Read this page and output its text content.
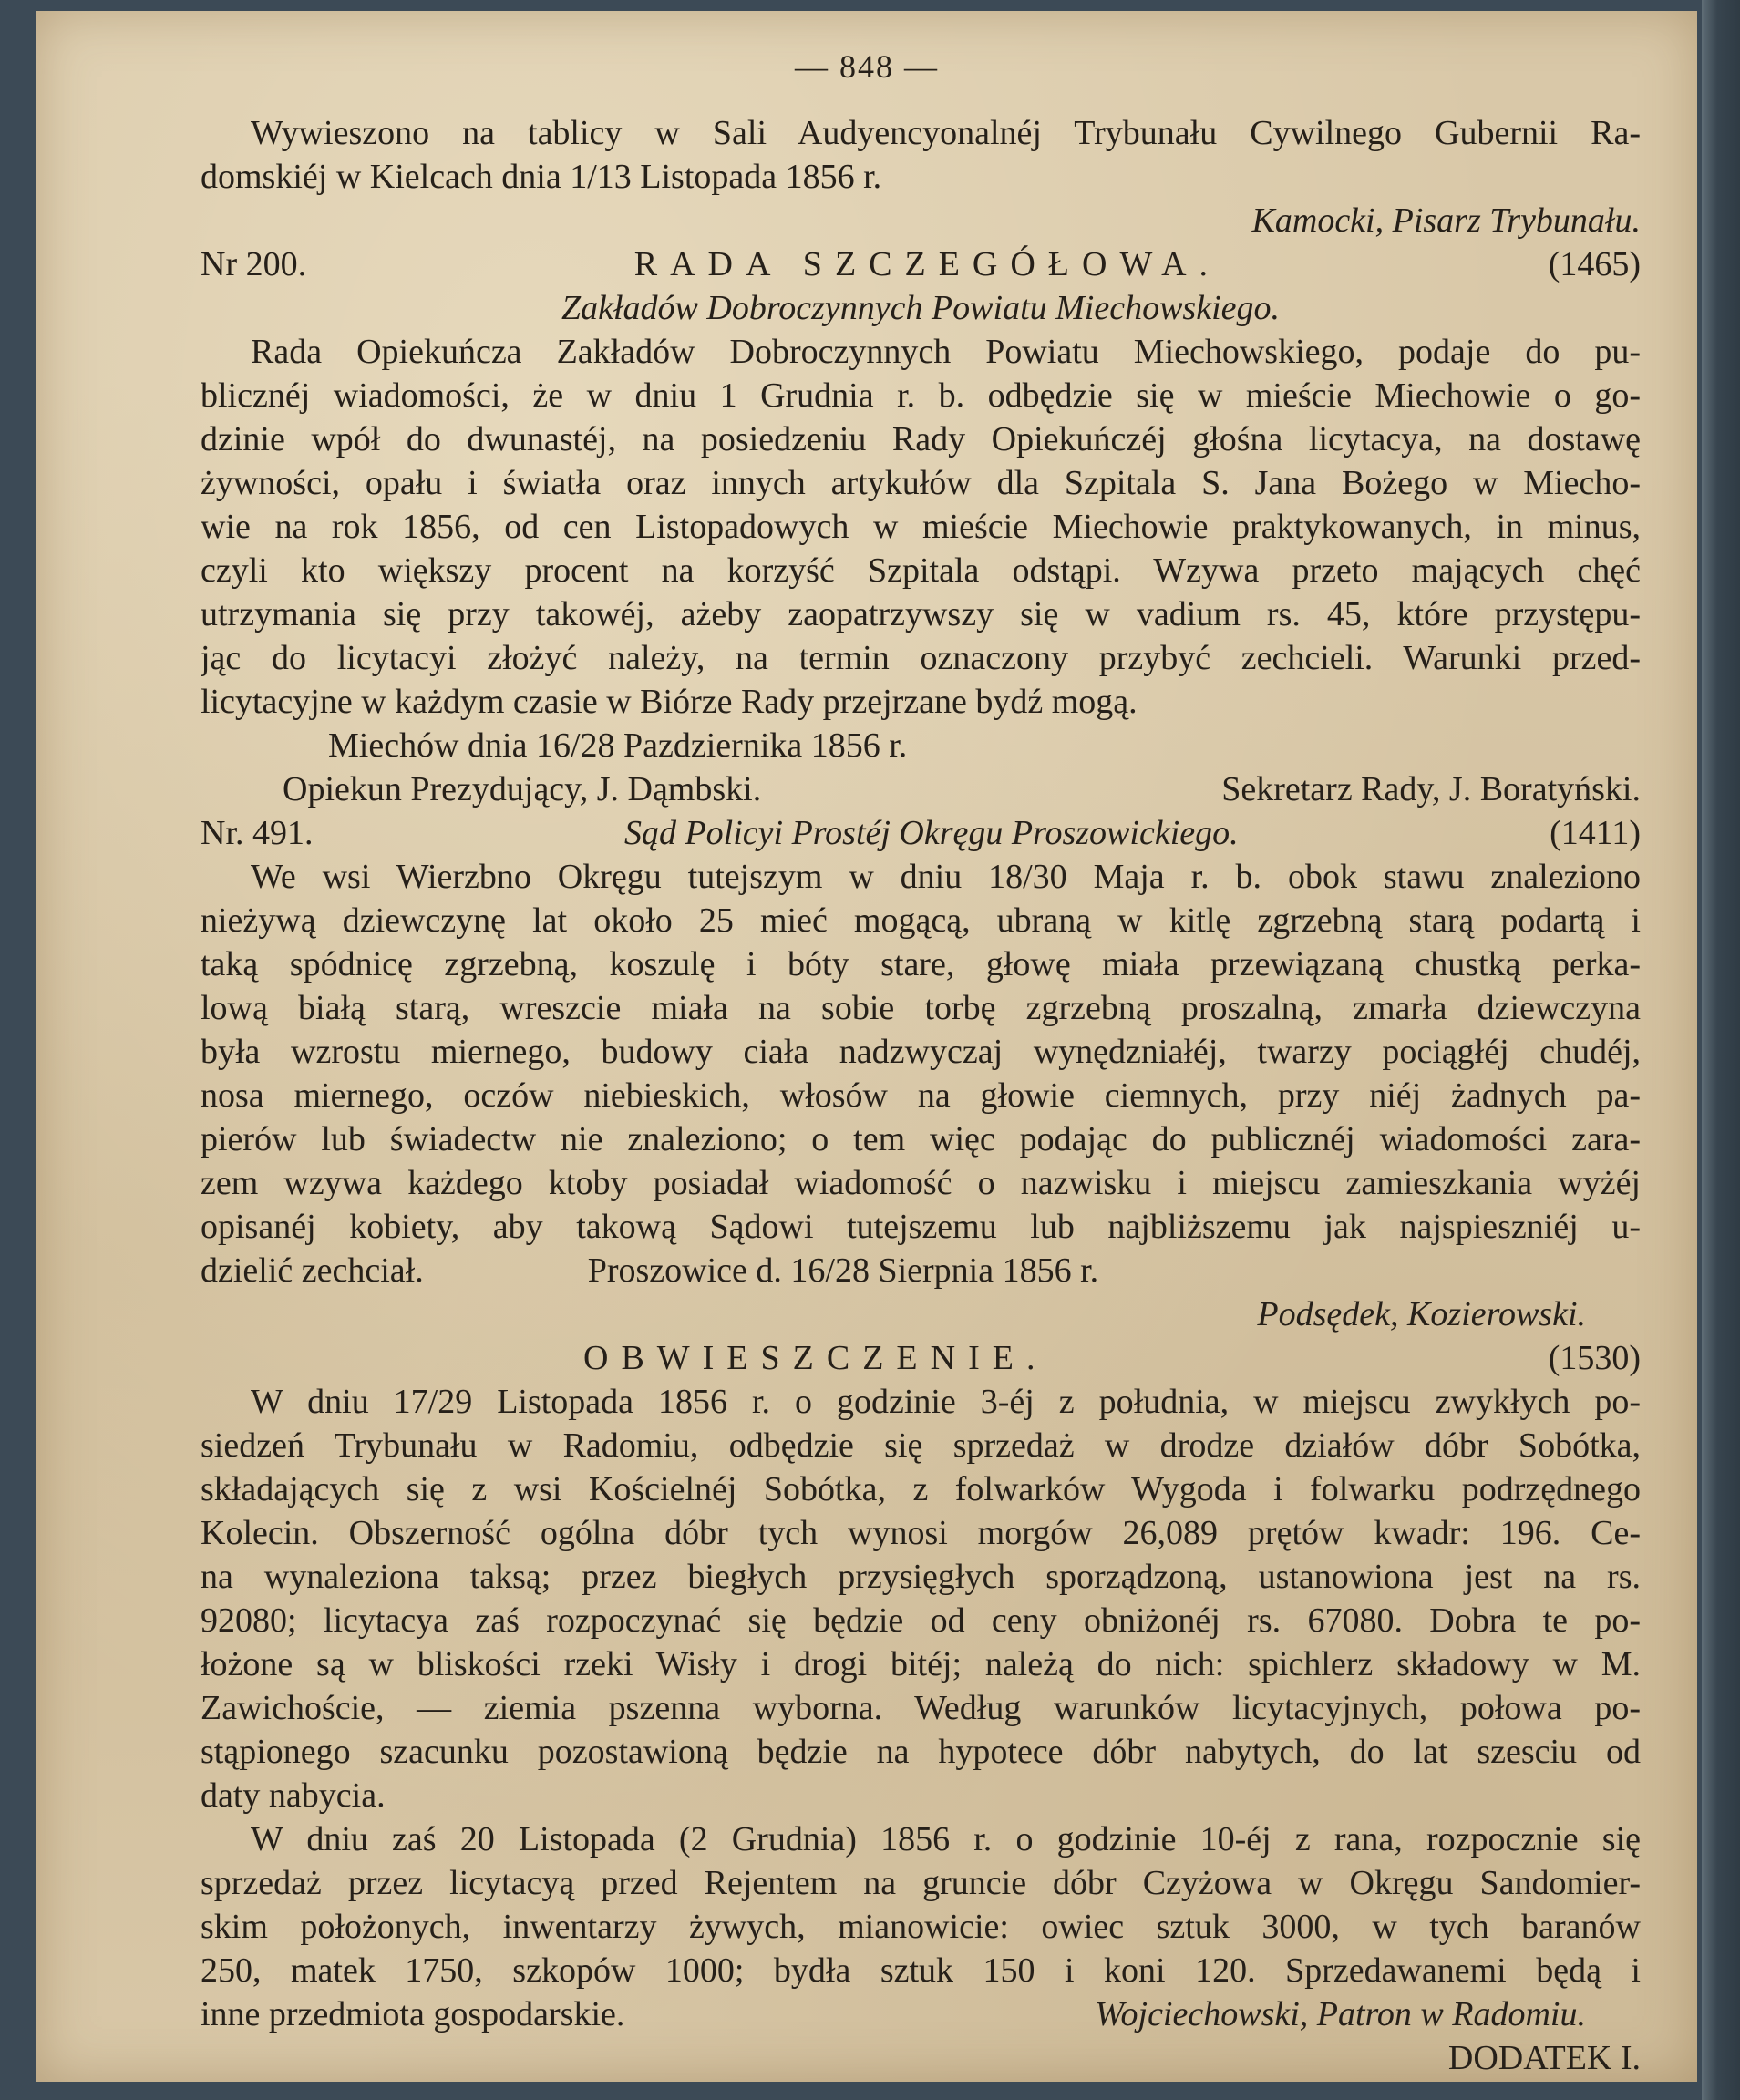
— 848 —
Wywieszono na tablicy w Sali Audyencyonalnéj Trybunału Cywilnego Gubernii Ra-
domskiéj w Kielcach dnia 1/13 Listopada 1856 r.
Kamocki, Pisarz Trybunału.
Nr 200.	RADA SZCZEGÓŁOWA.	(1465)
Zakładów Dobroczynnych Powiatu Miechowskiego.
Rada Opiekuńcza Zakładów Dobroczynnych Powiatu Miechowskiego, podaje do pu-
blicznéj wiadomości, że w dniu 1 Grudnia r. b. odbędzie się w mieście Miechowie o go-
dzinie wpół do dwunastéj, na posiedzeniu Rady Opiekuńczéj głośna licytacya, na dostawę
żywności, opału i światła oraz innych artykułów dla Szpitala S. Jana Bożego w Miecho-
wie na rok 1856, od cen Listopadowych w mieście Miechowie praktykowanych, in minus,
czyli kto większy procent na korzyść Szpitala odstąpi. Wzywa przeto mających chęć
utrzymania się przy takowéj, ażeby zaopatrzywszy się w vadium rs. 45, które przystępu-
jąc do licytacyi złożyć należy, na termin oznaczony przybyć zechcieli. Warunki przed-
licytacyjne w każdym czasie w Biórze Rady przejrzane bydź mogą.
Miechów dnia 16/28 Pazdziernika 1856 r.
Opiekun Prezydujący, J. Dąmbski.	Sekretarz Rady, J. Boratyński.
Nr. 491.	Sąd Policyi Prostéj Okręgu Proszowickiego.	(1411)
We wsi Wierzbno Okręgu tutejszym w dniu 18/30 Maja r. b. obok stawu znaleziono
nieżywą dziewczynę lat około 25 mieć mogącą, ubraną w kitlę zgrzebną starą podartą i
taką spódnicę zgrzebną, koszulę i bóty stare, głowę miała przewiązaną chustką perka-
lową białą starą, wreszcie miała na sobie torbę zgrzebną proszalną, zmarła dziewczyna
była wzrostu miernego, budowy ciała nadzwyczaj wynędzniałéj, twarzy pociągłéj chudéj,
nosa miernego, oczów niebieskich, włosów na głowie ciemnych, przy niéj żadnych pa-
pierów lub świadectw nie znaleziono; o tem więc podając do publicznéj wiadomości zara-
zem wzywa każdego ktoby posiadał wiadomość o nazwisku i miejscu zamieszkania wyżéj
opisanéj kobiety, aby takową Sądowi tutejszemu lub najbliższemu jak najspieszniéj u-
dzielić zechciał.	Proszowice d. 16/28 Sierpnia 1856 r.
Podsędek, Kozierowski.
OBWIESZCZENIE.	(1530)
W dniu 17/29 Listopada 1856 r. o godzinie 3-éj z południa, w miejscu zwykłych po-
siedzeń Trybunału w Radomiu, odbędzie się sprzedaż w drodze działów dóbr Sobótka,
składających się z wsi Kościelnéj Sobótka, z folwarków Wygoda i folwarku podrzędnego
Kolecin. Obszerność ogólna dóbr tych wynosi morgów 26,089 prętów kwadr: 196. Ce-
na wynaleziona taksą; przez biegłych przysięgłych sporządzoną, ustanowiona jest na rs.
92080; licytacya zaś rozpoczynać się będzie od ceny obniżonéj rs. 67080. Dobra te po-
łożone są w bliskości rzeki Wisły i drogi bitéj; należą do nich: spichlerz składowy w M.
Zawichoście, — ziemia pszenna wyborna. Według warunków licytacyjnych, połowa po-
stąpionego szacunku pozostawioną będzie na hypotece dóbr nabytych, do lat szesciu od
daty nabycia.
W dniu zaś 20 Listopada (2 Grudnia) 1856 r. o godzinie 10-éj z rana, rozpocznie się
sprzedaż przez licytacyą przed Rejentem na gruncie dóbr Czyżowa w Okręgu Sandomier-
skim położonych, inwentarzy żywych, mianowicie: owiec sztuk 3000, w tych baranów
250, matek 1750, szkopów 1000; bydła sztuk 150 i koni 120. Sprzedawanemi będą i
inne przedmiota gospodarskie.	Wojciechowski, Patron w Radomiu.
DODATEK I.
